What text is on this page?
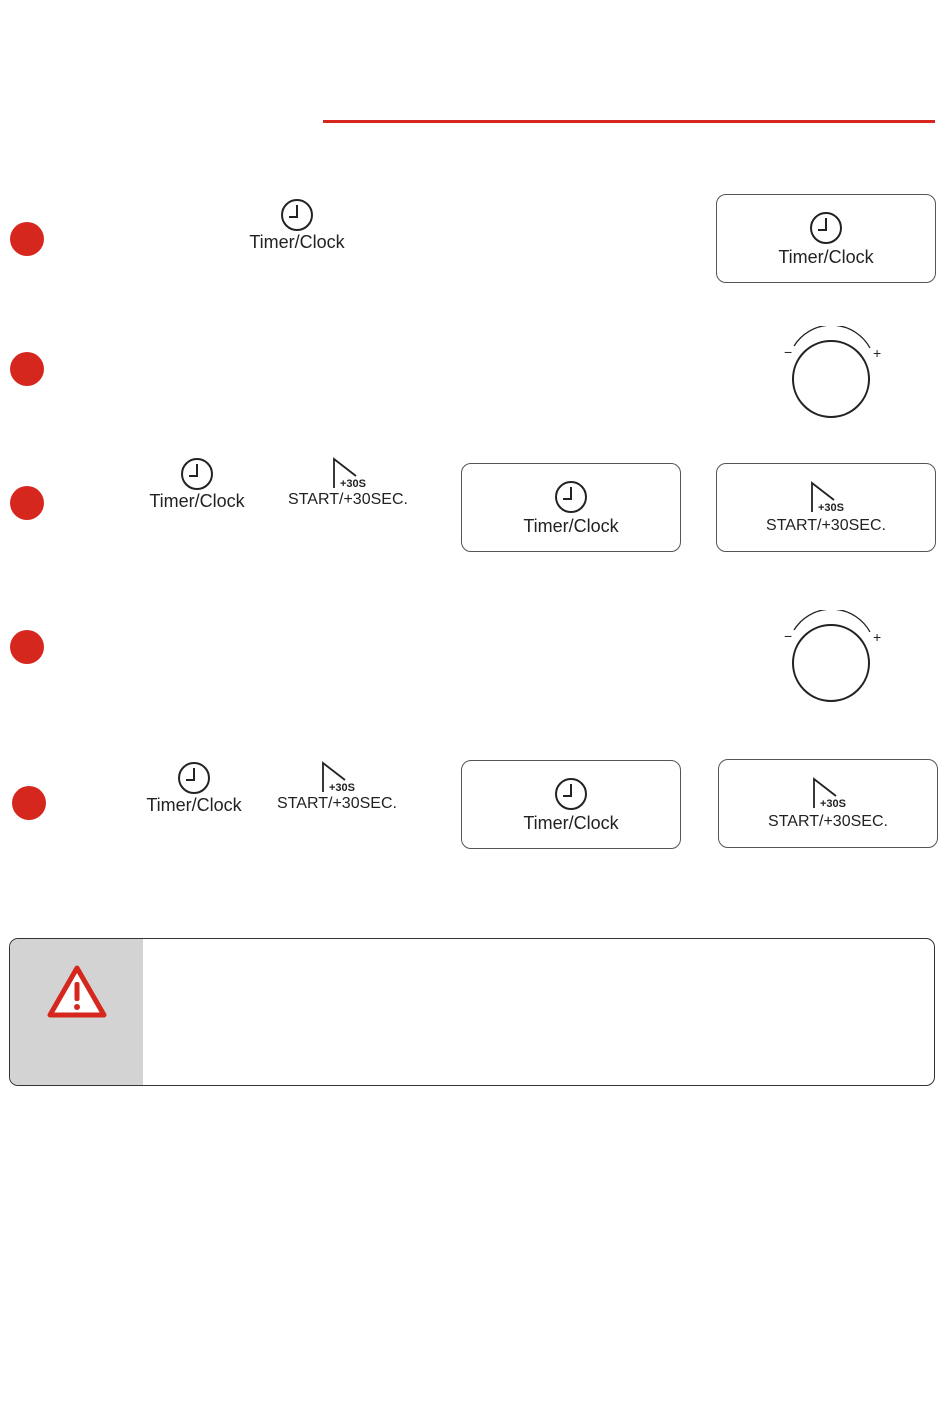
Timer/Clock
Timer/Clock
−	+
Timer/Clock
+30S
START/+30SEC.
Timer/Clock
+30S
START/+30SEC.
−	+
Timer/Clock
+30S
START/+30SEC.
Timer/Clock
+30S
START/+30SEC.
